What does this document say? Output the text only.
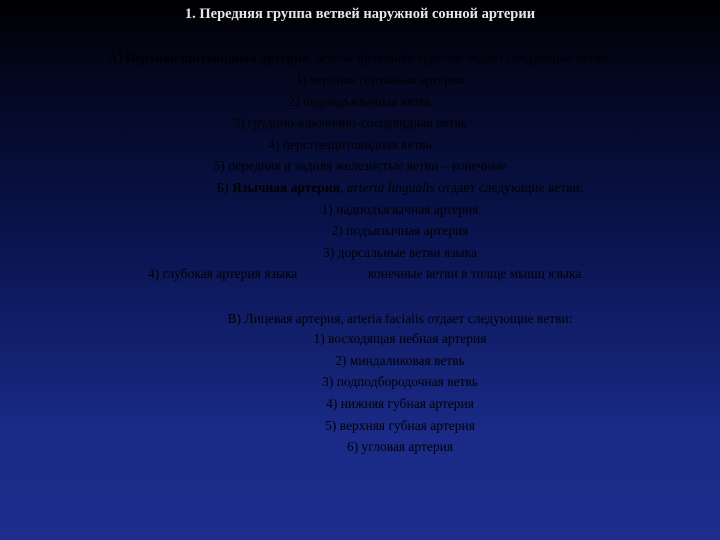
1. Передняя группа ветвей наружной сонной артерии
А) Верхняя щитовидная артерия, arteria thyreoidea superior отдает следующие ветви:
1) верхняя гортанная артерия
2) подподъязычная ветвь
3) грудино-ключично-сосцевидная ветвь
4) перстнещитовидная ветвь
5) передняя и задняя железистые ветви – конечные
Б) Язычная артерия, arteria lingualis отдает следующие ветви:
1) надподъязычная артерия
2) подъязычная артерия
3) дорсальные ветви языка
4) глубокая артерия языка	конечные ветви в толще мышц языка
В) Лицевая артерия, arteria facialis отдает следующие ветви:
1) восходящая небная артерия
2) миндаликовая ветвь
3) подподбородочная ветвь
4) нижняя губная артерия
5) верхняя губная артерия
6) угловая артерия
